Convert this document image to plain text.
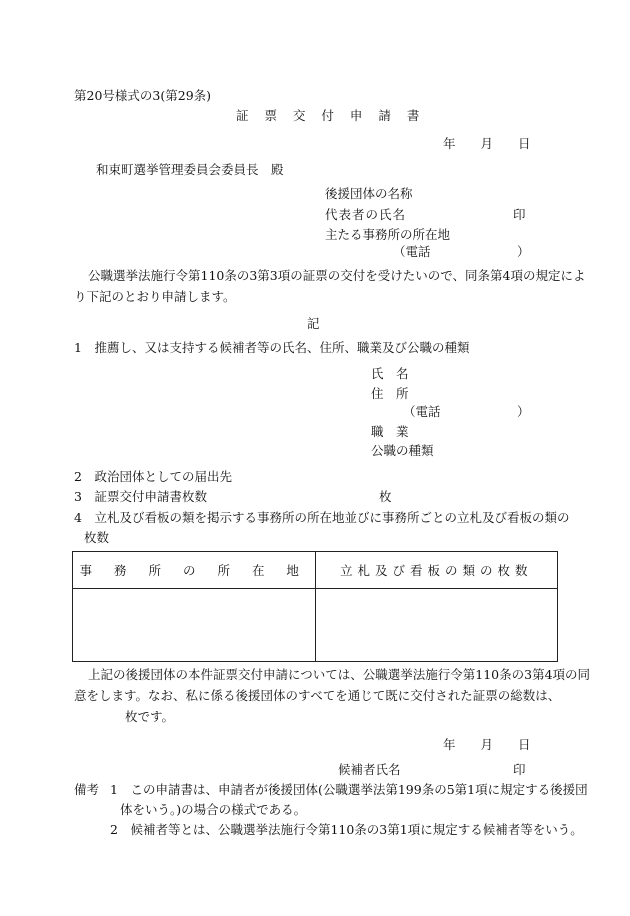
第20号様式の3(第29条)
証 票 交 付 申 請 書
年　　月　　日
和束町選挙管理委員会委員長　殿
後援団体の名称
代表者の氏名	印
主たる事務所の所在地
（電話	）
公職選挙法施行令第110条の3第3項の証票の交付を受けたいので、同条第4項の規定によ
り下記のとおり申請します。
記
1　推薦し、又は支持する候補者等の氏名、住所、職業及び公職の種類
氏　名
住　所
（電話	）
職　業
公職の種類
2　政治団体としての届出先
3　証票交付申請書枚数	枚
4　立札及び看板の類を掲示する事務所の所在地並びに事務所ごとの立札及び看板の類の
枚数
事 務 所 の 所 在 地	立札及び看板の類の枚数

上記の後援団体の本件証票交付申請については、公職選挙法施行令第110条の3第4項の同
意をします。なお、私に係る後援団体のすべてを通じて既に交付された証票の総数は、
枚です。
年　　月　　日
候補者氏名	印
備考 1　この申請書は、申請者が後援団体(公職選挙法第199条の5第1項に規定する後援団
体をいう。)の場合の様式である。
2　候補者等とは、公職選挙法施行令第110条の3第1項に規定する候補者等をいう。
